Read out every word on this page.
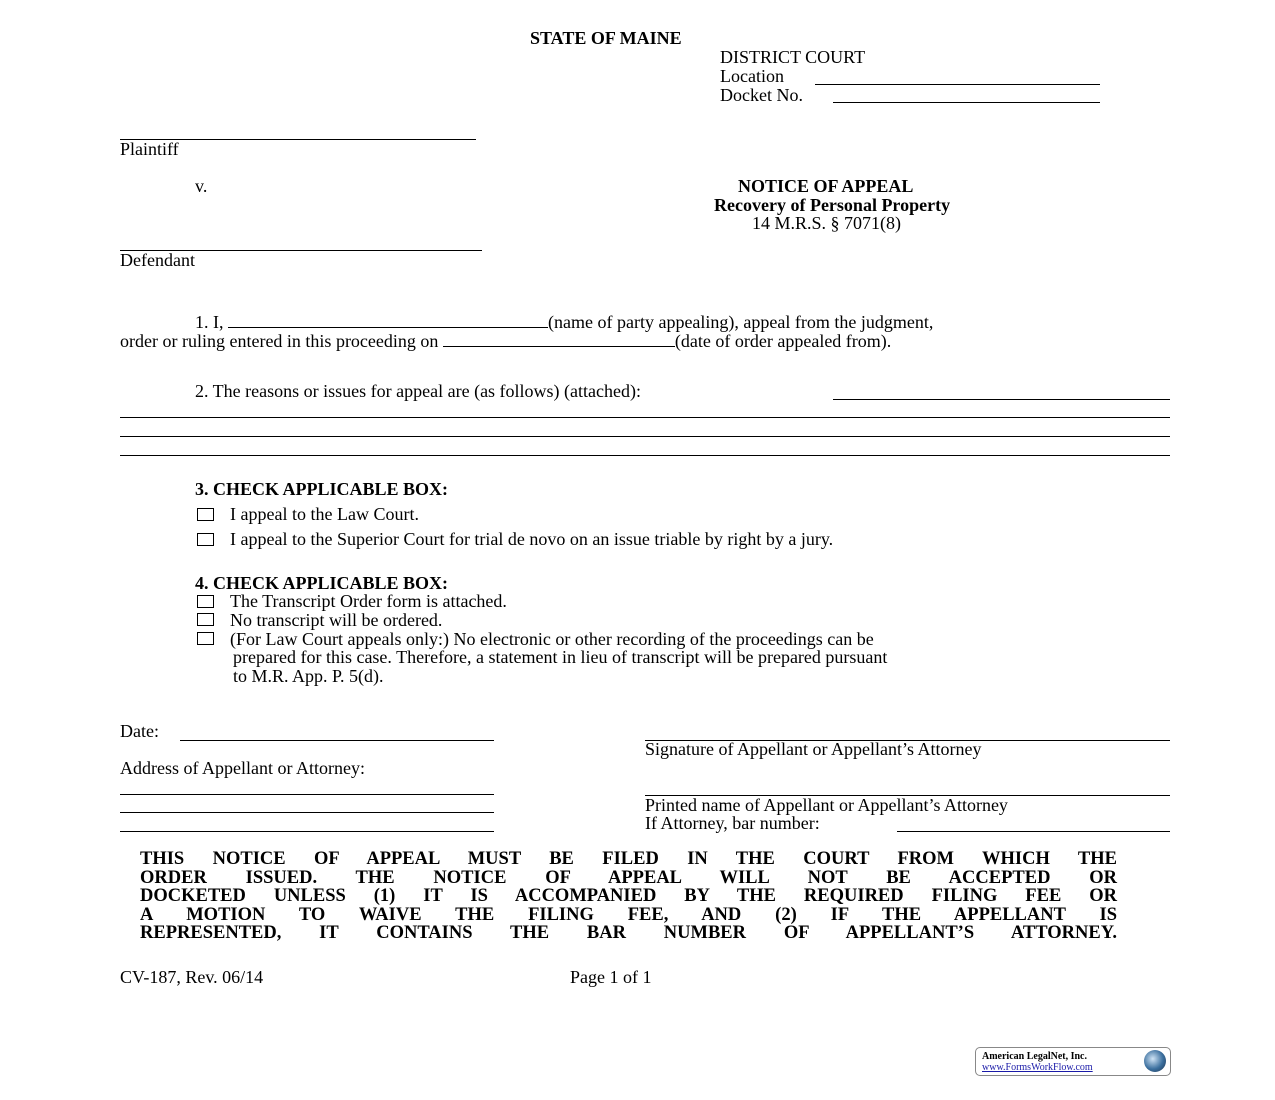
STATE OF MAINE
DISTRICT COURT
Location
Docket No.
Plaintiff
v.
Defendant
NOTICE OF APPEAL
Recovery of Personal Property
14 M.R.S. § 7071(8)
1. I,	(name of party appealing), appeal from the judgment,
order or ruling entered in this proceeding on	(date of order appealed from).
2. The reasons or issues for appeal are (as follows) (attached):
3. CHECK APPLICABLE BOX:
I appeal to the Law Court.
I appeal to the Superior Court for trial de novo on an issue triable by right by a jury.
4. CHECK APPLICABLE BOX:
The Transcript Order form is attached.
No transcript will be ordered.
(For Law Court appeals only:) No electronic or other recording of the proceedings can be
prepared for this case. Therefore, a statement in lieu of transcript will be prepared pursuant
to M.R. App. P. 5(d).
Date:
Signature of Appellant or Appellant’s Attorney
Address of Appellant or Attorney:
Printed name of Appellant or Appellant’s Attorney
If Attorney, bar number:
THIS NOTICE OF APPEAL MUST BE FILED IN THE COURT FROM WHICH THE
ORDER ISSUED. THE NOTICE OF APPEAL WILL NOT BE ACCEPTED OR
DOCKETED UNLESS (1) IT IS ACCOMPANIED BY THE REQUIRED FILING FEE OR
A MOTION TO WAIVE THE FILING FEE, AND (2) IF THE APPELLANT IS
REPRESENTED, IT CONTAINS THE BAR NUMBER OF APPELLANT’S ATTORNEY.
CV-187, Rev. 06/14	Page 1 of 1
American LegalNet, Inc.
www.FormsWorkFlow.com
